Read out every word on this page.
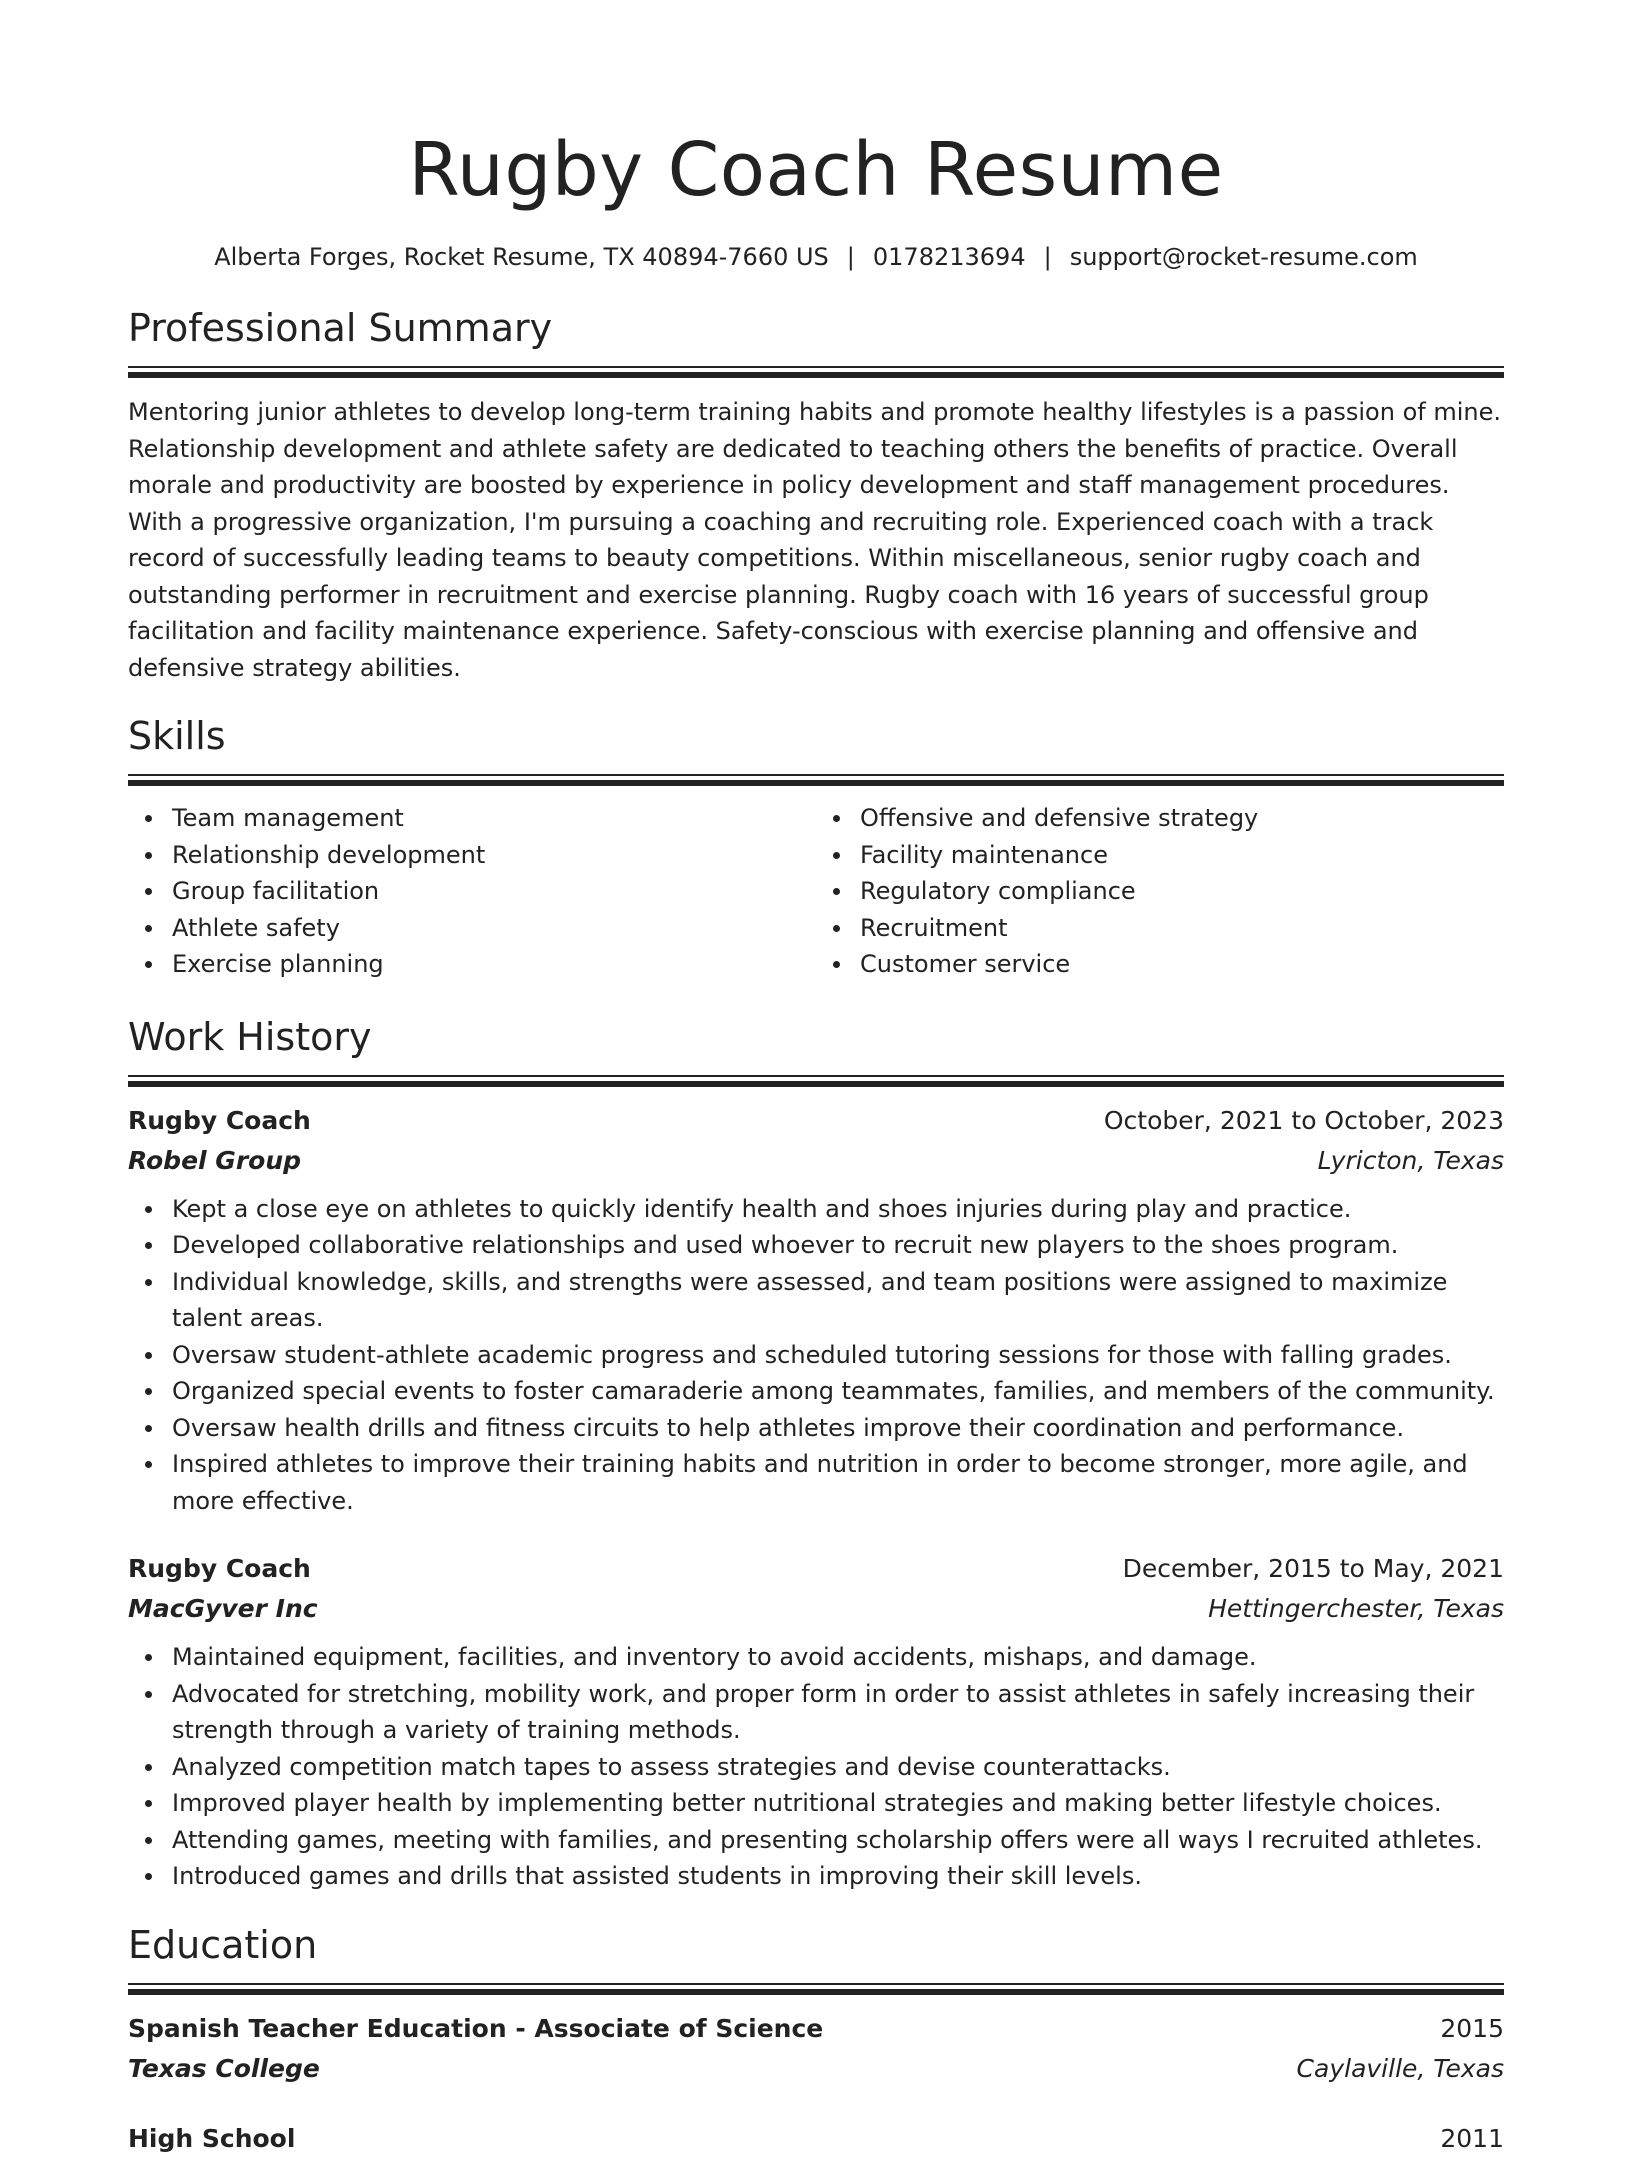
Rugby Coach Resume
Alberta Forges, Rocket Resume, TX 40894-7660 US | 0178213694 | support@rocket-resume.com
Professional Summary

Mentoring junior athletes to develop long-term training habits and promote healthy lifestyles is a passion of mine. Relationship development and athlete safety are dedicated to teaching others the benefits of practice. Overall morale and productivity are boosted by experience in policy development and staff management procedures. With a progressive organization, I'm pursuing a coaching and recruiting role. Experienced coach with a track record of successfully leading teams to beauty competitions. Within miscellaneous, senior rugby coach and outstanding performer in recruitment and exercise planning. Rugby coach with 16 years of successful group facilitation and facility maintenance experience. Safety-conscious with exercise planning and offensive and defensive strategy abilities.

Skills
Team management
Relationship development
Group facilitation
Athlete safety
Exercise planning
Offensive and defensive strategy
Facility maintenance
Regulatory compliance
Recruitment
Customer service
Work History
Rugby Coach	October, 2021 to October, 2023
Robel Group	Lyricton, Texas
Kept a close eye on athletes to quickly identify health and shoes injuries during play and practice.
Developed collaborative relationships and used whoever to recruit new players to the shoes program.
Individual knowledge, skills, and strengths were assessed, and team positions were assigned to maximize talent areas.
Oversaw student-athlete academic progress and scheduled tutoring sessions for those with falling grades.
Organized special events to foster camaraderie among teammates, families, and members of the community.
Oversaw health drills and fitness circuits to help athletes improve their coordination and performance.
Inspired athletes to improve their training habits and nutrition in order to become stronger, more agile, and more effective.
Rugby Coach	December, 2015 to May, 2021
MacGyver Inc	Hettingerchester, Texas
Maintained equipment, facilities, and inventory to avoid accidents, mishaps, and damage.
Advocated for stretching, mobility work, and proper form in order to assist athletes in safely increasing their strength through a variety of training methods.
Analyzed competition match tapes to assess strategies and devise counterattacks.
Improved player health by implementing better nutritional strategies and making better lifestyle choices.
Attending games, meeting with families, and presenting scholarship offers were all ways I recruited athletes.
Introduced games and drills that assisted students in improving their skill levels.
Education
Spanish Teacher Education - Associate of Science	2015
Texas College	Caylaville, Texas
High School	2011
